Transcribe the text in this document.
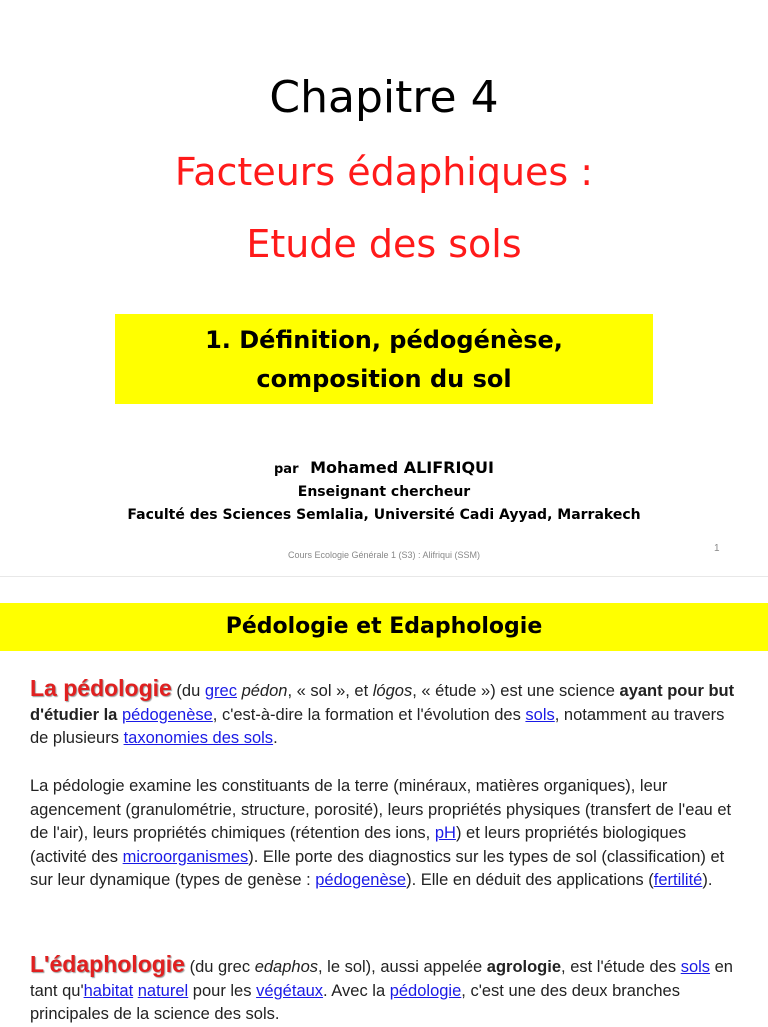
Chapitre 4
Facteurs édaphiques :
Etude des sols
1. Définition, pédogénèse,
composition du sol
par Mohamed ALIFRIQUI
Enseignant chercheur
Faculté des Sciences Semlalia, Université Cadi Ayyad, Marrakech
Cours Ecologie Générale 1 (S3) : Alifriqui (SSM)
1
Pédologie et Edaphologie
La pédologie (du grec pédon, « sol », et lógos, « étude ») est une science ayant pour but d'étudier la pédogenèse, c'est-à-dire la formation et l'évolution des sols, notamment au travers de plusieurs taxonomies des sols.
La pédologie examine les constituants de la terre (minéraux, matières organiques), leur agencement (granulométrie, structure, porosité), leurs propriétés physiques (transfert de l'eau et de l'air), leurs propriétés chimiques (rétention des ions, pH) et leurs propriétés biologiques (activité des microorganismes). Elle porte des diagnostics sur les types de sol (classification) et sur leur dynamique (types de genèse : pédogenèse). Elle en déduit des applications (fertilité).
L'édaphologie (du grec edaphos, le sol), aussi appelée agrologie, est l'étude des sols en tant qu'habitat naturel pour les végétaux. Avec la pédologie, c'est une des deux branches principales de la science des sols.
